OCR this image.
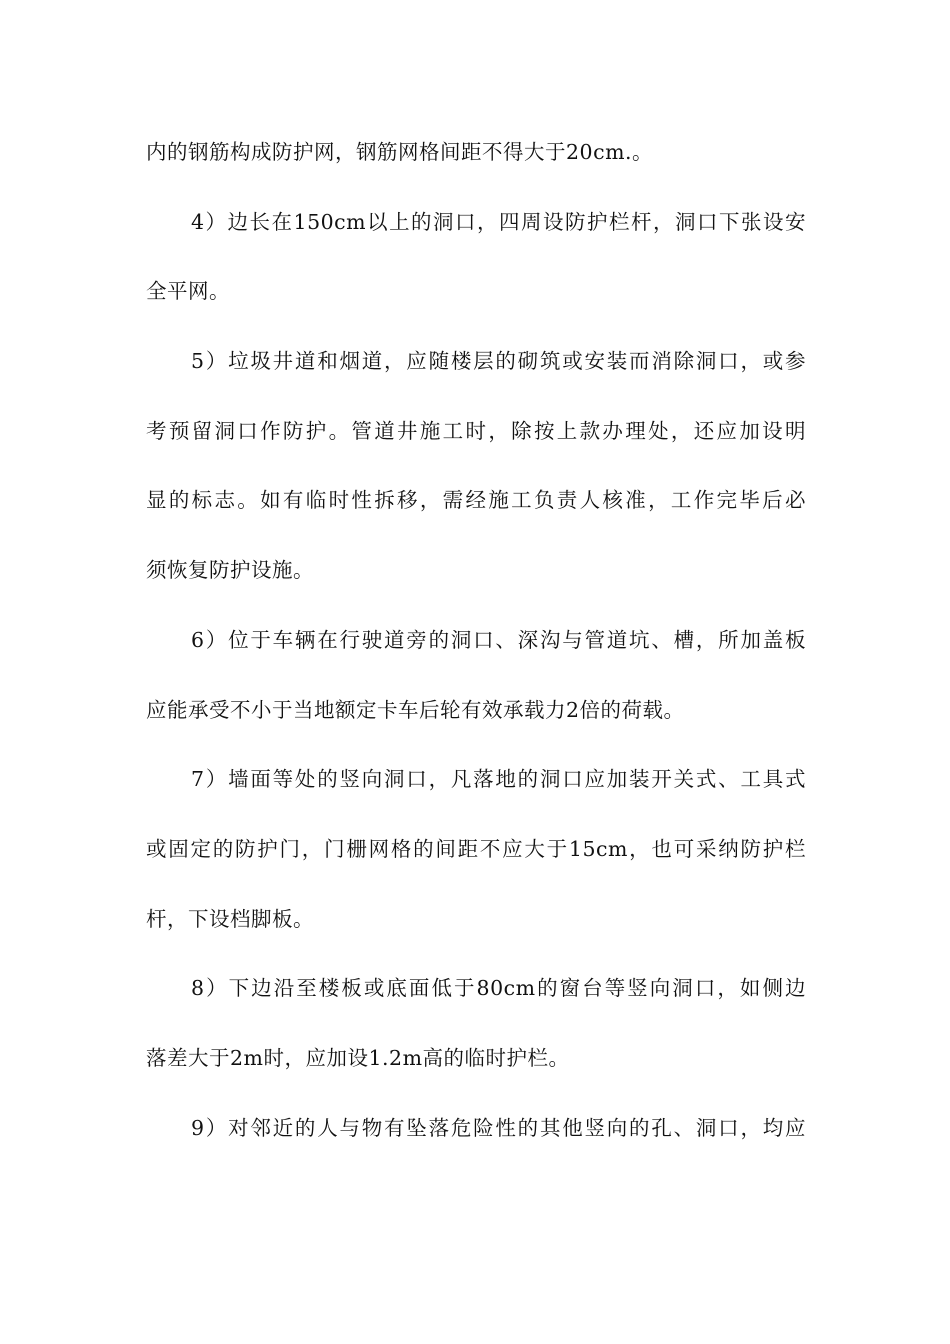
内的钢筋构成防护网，钢筋网格间距不得大于20cm.。
4）边长在150cm以上的洞口，四周设防护栏杆，洞口下张设安
全平网。
5）垃圾井道和烟道，应随楼层的砌筑或安装而消除洞口，或参
考预留洞口作防护。管道井施工时，除按上款办理处，还应加设明
显的标志。如有临时性拆移，需经施工负责人核准，工作完毕后必
须恢复防护设施。
6）位于车辆在行驶道旁的洞口、深沟与管道坑、槽，所加盖板
应能承受不小于当地额定卡车后轮有效承载力2倍的荷载。
7）墙面等处的竖向洞口，凡落地的洞口应加装开关式、工具式
或固定的防护门，门栅网格的间距不应大于15cm，也可采纳防护栏
杆，下设档脚板。
8）下边沿至楼板或底面低于80cm的窗台等竖向洞口，如侧边
落差大于2m时，应加设1.2m高的临时护栏。
9）对邻近的人与物有坠落危险性的其他竖向的孔、洞口，均应
